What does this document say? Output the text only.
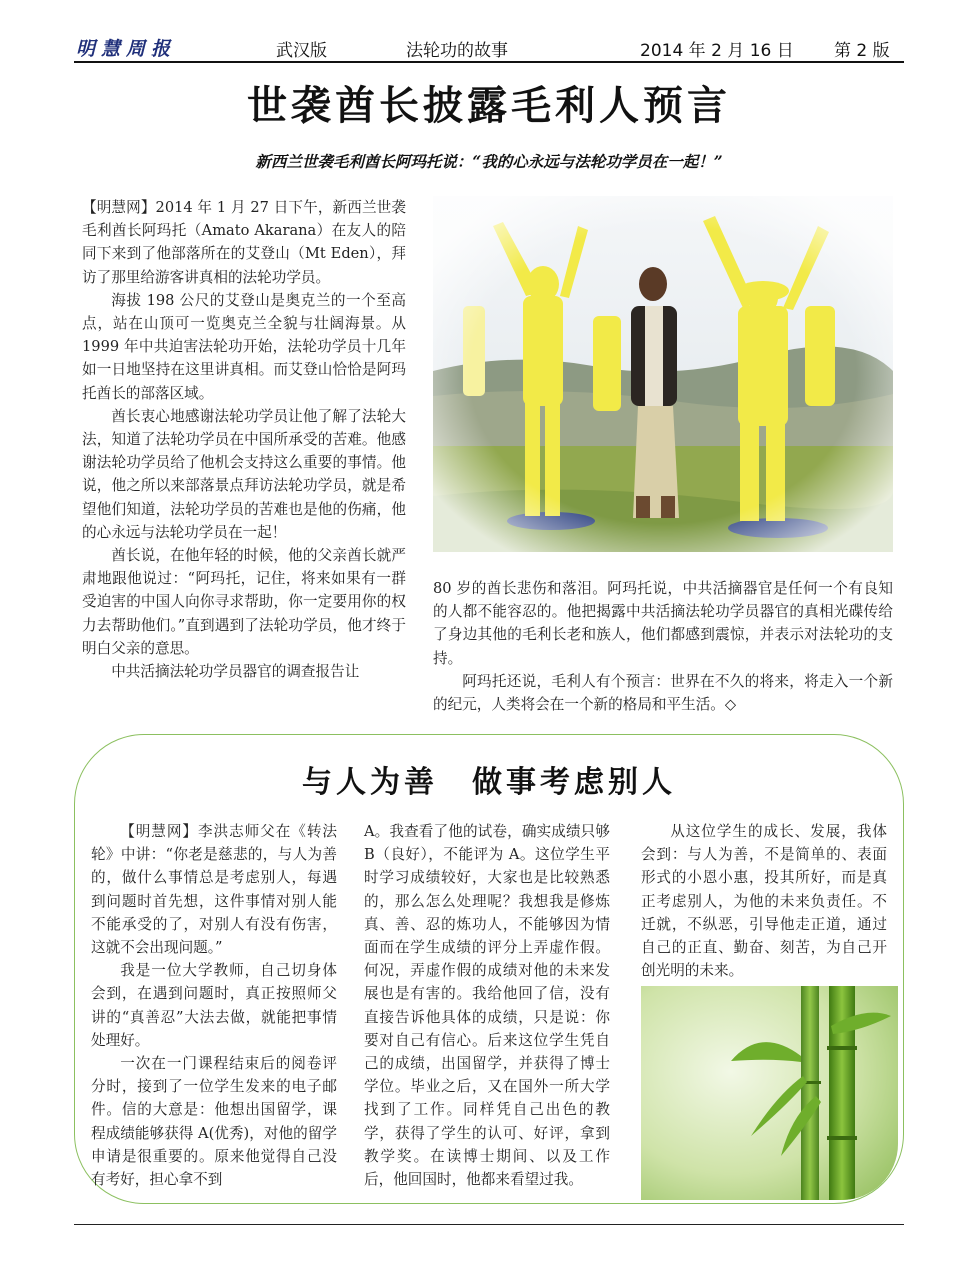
明慧周报	武汉版	法轮功的故事	2014 年 2 月 16 日 第 2 版
世袭酋长披露毛利人预言
新西兰世袭毛利酋长阿玛托说：“我的心永远与法轮功学员在一起！”

【明慧网】2014 年 1 月 27 日下午，新西兰世袭毛利酋长阿玛托（Amato Akarana）在友人的陪同下来到了他部落所在的艾登山（Mt Eden），拜访了那里给游客讲真相的法轮功学员。

海拔 198 公尺的艾登山是奥克兰的一个至高点，站在山顶可一览奥克兰全貌与壮阔海景。从 1999 年中共迫害法轮功开始，法轮功学员十几年如一日地坚持在这里讲真相。而艾登山恰恰是阿玛托酋长的部落区域。

酋长衷心地感谢法轮功学员让他了解了法轮大法，知道了法轮功学员在中国所承受的苦难。他感谢法轮功学员给了他机会支持这么重要的事情。他说，他之所以来部落景点拜访法轮功学员，就是希望他们知道，法轮功学员的苦难也是他的伤痛，他的心永远与法轮功学员在一起！

酋长说，在他年轻的时候，他的父亲酋长就严肃地跟他说过：“阿玛托，记住，将来如果有一群受迫害的中国人向你寻求帮助，你一定要用你的权力去帮助他们。”直到遇到了法轮功学员，他才终于明白父亲的意思。

中共活摘法轮功学员器官的调查报告让

80 岁的酋长悲伤和落泪。阿玛托说，中共活摘器官是任何一个有良知的人都不能容忍的。他把揭露中共活摘法轮功学员器官的真相光碟传给了身边其他的毛利长老和族人，他们都感到震惊，并表示对法轮功的支持。

阿玛托还说，毛利人有个预言：世界在不久的将来，将走入一个新的纪元，人类将会在一个新的格局和平生活。◇

与人为善　做事考虑别人

【明慧网】李洪志师父在《转法轮》中讲：“你老是慈悲的，与人为善的，做什么事情总是考虑别人，每遇到问题时首先想，这件事情对别人能不能承受的了，对别人有没有伤害，这就不会出现问题。”

我是一位大学教师，自己切身体会到，在遇到问题时，真正按照师父讲的“真善忍”大法去做，就能把事情处理好。

一次在一门课程结束后的阅卷评分时，接到了一位学生发来的电子邮件。信的大意是：他想出国留学，课程成绩能够获得 A(优秀)，对他的留学申请是很重要的。原来他觉得自己没有考好，担心拿不到

A。我查看了他的试卷，确实成绩只够 B（良好），不能评为 A。这位学生平时学习成绩较好，大家也是比较熟悉的，那么怎么处理呢？我想我是修炼真、善、忍的炼功人，不能够因为情面而在学生成绩的评分上弄虚作假。何况，弄虚作假的成绩对他的未来发展也是有害的。我给他回了信，没有直接告诉他具体的成绩，只是说：你要对自己有信心。后来这位学生凭自己的成绩，出国留学，并获得了博士学位。毕业之后，又在国外一所大学找到了工作。同样凭自己出色的教学，获得了学生的认可、好评，拿到教学奖。在读博士期间、以及工作后，他回国时，他都来看望过我。

从这位学生的成长、发展，我体会到：与人为善，不是简单的、表面形式的小恩小惠，投其所好，而是真正考虑别人，为他的未来负责任。不迁就，不纵恶，引导他走正道，通过自己的正直、勤奋、刻苦，为自己开创光明的未来。
